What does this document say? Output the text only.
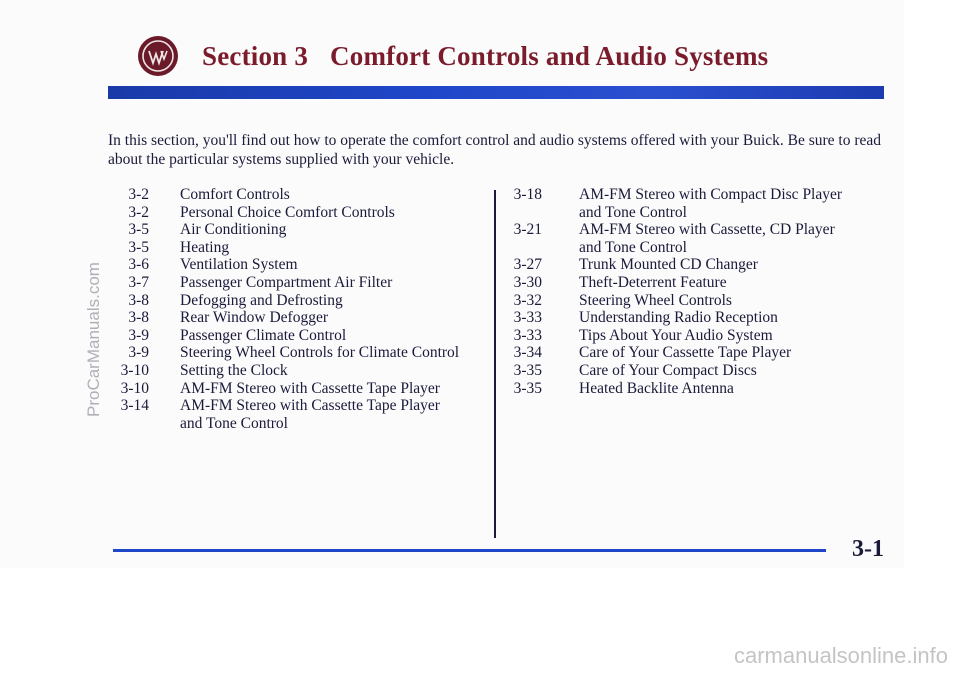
Section 3 Comfort Controls and Audio Systems
In this section, you'll find out how to operate the comfort control and audio systems offered with your Buick. Be sure to read about the particular systems supplied with your vehicle.
3-2 Comfort Controls
3-2 Personal Choice Comfort Controls
3-5 Air Conditioning
3-5 Heating
3-6 Ventilation System
3-7 Passenger Compartment Air Filter
3-8 Defogging and Defrosting
3-8 Rear Window Defogger
3-9 Passenger Climate Control
3-9 Steering Wheel Controls for Climate Control
3-10 Setting the Clock
3-10 AM-FM Stereo with Cassette Tape Player
3-14 AM-FM Stereo with Cassette Tape Player
and Tone Control
3-18 AM-FM Stereo with Compact Disc Player
and Tone Control
3-21 AM-FM Stereo with Cassette, CD Player
and Tone Control
3-27 Trunk Mounted CD Changer
3-30 Theft-Deterrent Feature
3-32 Steering Wheel Controls
3-33 Understanding Radio Reception
3-33 Tips About Your Audio System
3-34 Care of Your Cassette Tape Player
3-35 Care of Your Compact Discs
3-35 Heated Backlite Antenna
3-1
ProCarManuals.com
carmanualsonline.info
